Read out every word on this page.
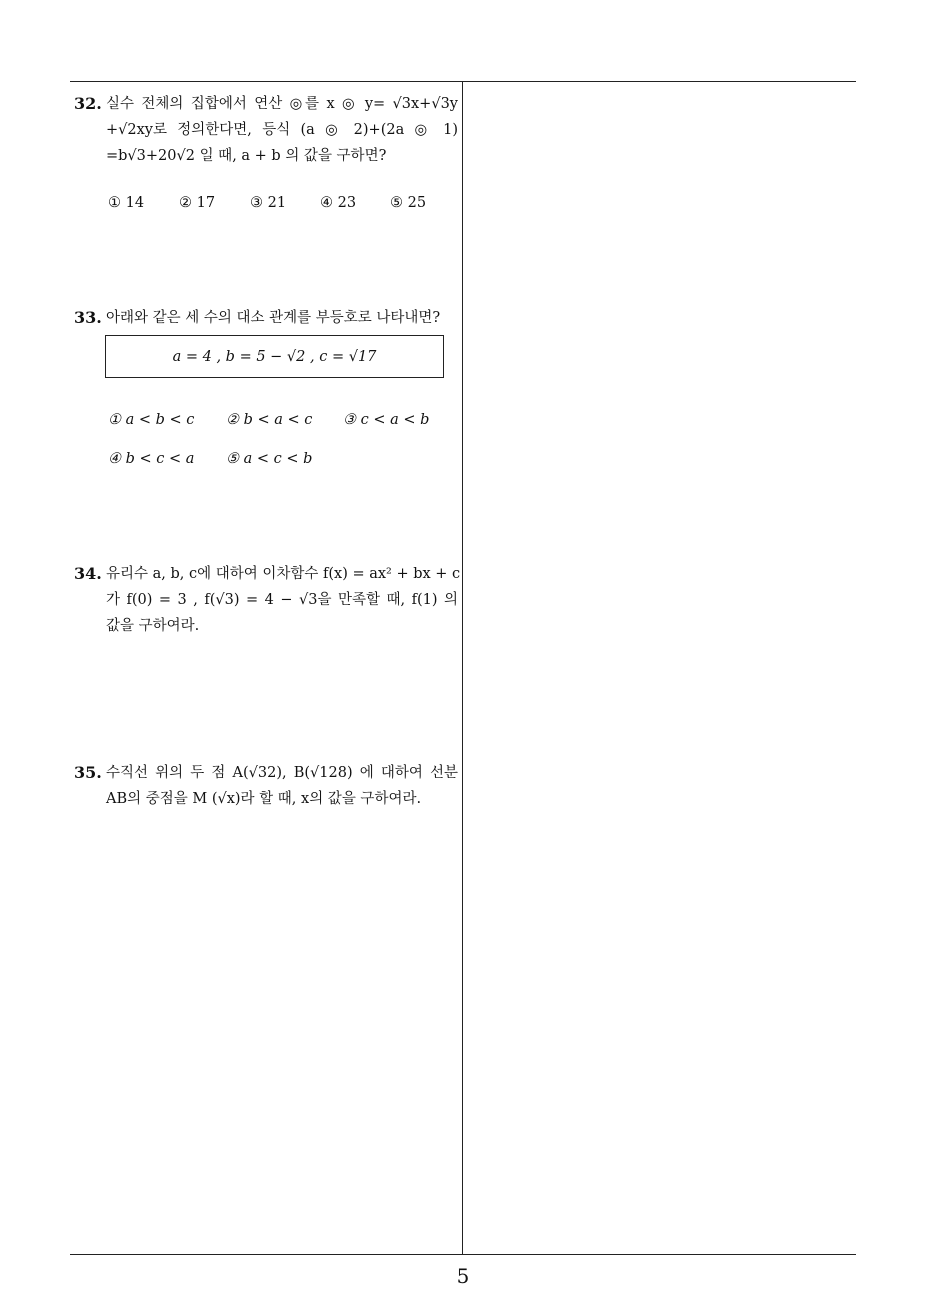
32. 실수 전체의 집합에서 연산 ◎를 x ◎ y= √3x+√3y
+√2xy로 정의한다면, 등식 (a ◎ 2)+(2a ◎ 1)
=b√3+20√2 일 때, a + b 의 값을 구하면?
① 14 ② 17 ③ 21 ④ 23 ⑤ 25
33. 아래와 같은 세 수의 대소 관계를 부등호로 나타내면?
a = 4 , b = 5 − √2 , c = √17
① a < b < c ② b < a < c ③ c < a < b
④ b < c < a ⑤ a < c < b
34. 유리수 a, b, c에 대하여 이차함수 f(x) = ax² + bx + c
가 f(0) = 3 , f(√3) = 4 − √3을 만족할 때, f(1) 의
값을 구하여라.
35. 수직선 위의 두 점 A(√32), B(√128) 에 대하여 선분
AB의 중점을 M (√x)라 할 때, x의 값을 구하여라.
5
